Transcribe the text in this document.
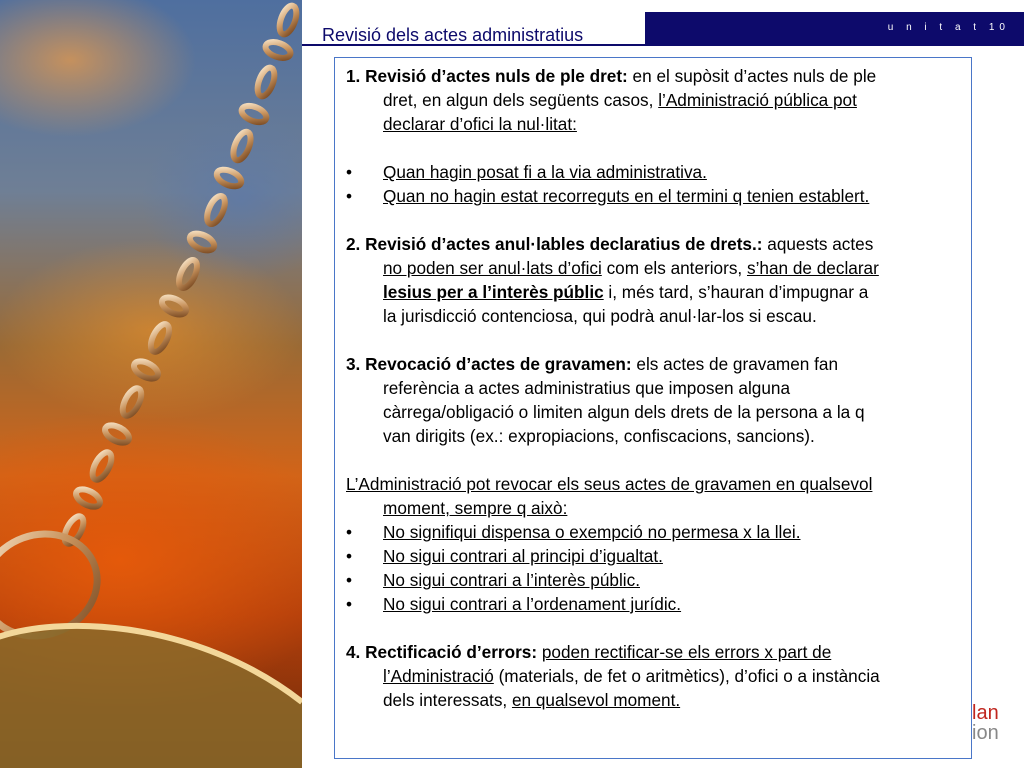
u n i t a t 10
Revisió dels actes administratius
1. Revisió d’actes nuls de ple dret: en el supòsit d’actes nuls de ple
dret, en algun dels següents casos, l’Administració pública pot
declarar d’ofici la nul·litat:
•	Quan hagin posat fi a la via administrativa.
•	Quan no hagin estat recorreguts en el termini q tenien establert.
2. Revisió d’actes anul·lables declaratius de drets.: aquests actes
no poden ser anul·lats d’ofici com els anteriors, s’han de declarar
lesius per a l’interès públic i, més tard, s’hauran d’impugnar a
la jurisdicció contenciosa, qui podrà anul·lar-los si escau.
3. Revocació d’actes de gravamen: els actes de gravamen fan
referència a actes administratius que imposen alguna
càrrega/obligació o limiten algun dels drets de la persona a la q
van dirigits (ex.: expropiacions, confiscacions, sancions).
L’Administració pot revocar els seus actes de gravamen en qualsevol
moment, sempre q això:
•	No signifiqui dispensa o exempció no permesa x la llei.
•	No sigui contrari al principi d’igualtat.
•	No sigui contrari a l’interès públic.
•	No sigui contrari a l’ordenament jurídic.
4. Rectificació d’errors: poden rectificar-se els errors x part de
l’Administració (materials, de fet o aritmètics), d’ofici o a instància
dels interessats, en qualsevol moment.
lan
ion
